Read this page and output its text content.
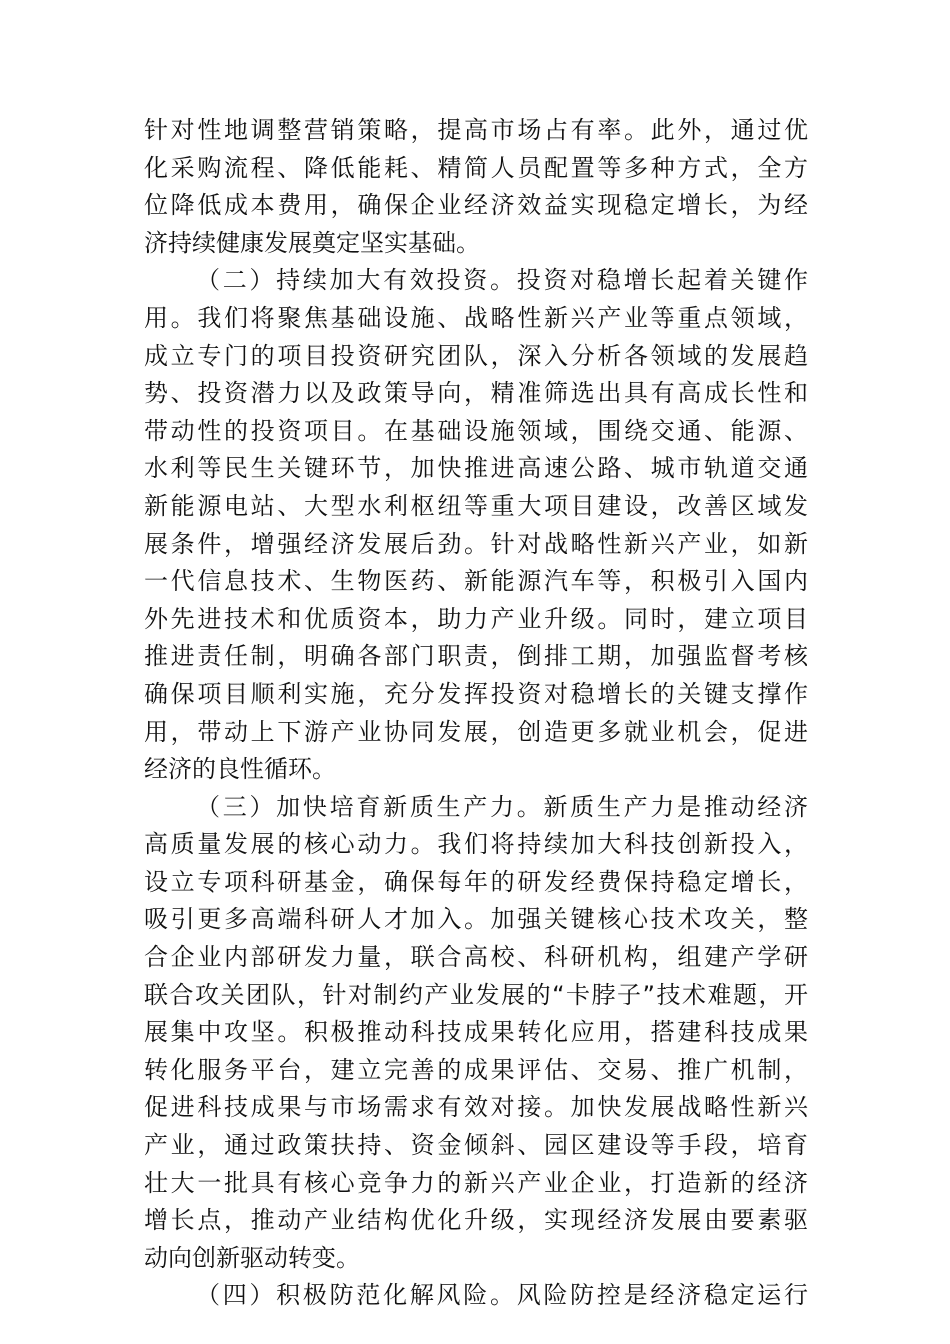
针对性地调整营销策略，提高市场占有率。此外，通过优
化采购流程、降低能耗、精简人员配置等多种方式，全方
位降低成本费用，确保企业经济效益实现稳定增长，为经
济持续健康发展奠定坚实基础。
（二）持续加大有效投资。投资对稳增长起着关键作
用。我们将聚焦基础设施、战略性新兴产业等重点领域，
成立专门的项目投资研究团队，深入分析各领域的发展趋
势、投资潜力以及政策导向，精准筛选出具有高成长性和
带动性的投资项目。在基础设施领域，围绕交通、能源、
水利等民生关键环节，加快推进高速公路、城市轨道交通
新能源电站、大型水利枢纽等重大项目建设，改善区域发
展条件，增强经济发展后劲。针对战略性新兴产业，如新
一代信息技术、生物医药、新能源汽车等，积极引入国内
外先进技术和优质资本，助力产业升级。同时，建立项目
推进责任制，明确各部门职责，倒排工期，加强监督考核
确保项目顺利实施，充分发挥投资对稳增长的关键支撑作
用，带动上下游产业协同发展，创造更多就业机会，促进
经济的良性循环。
（三）加快培育新质生产力。新质生产力是推动经济
高质量发展的核心动力。我们将持续加大科技创新投入，
设立专项科研基金，确保每年的研发经费保持稳定增长，
吸引更多高端科研人才加入。加强关键核心技术攻关，整
合企业内部研发力量，联合高校、科研机构，组建产学研
联合攻关团队，针对制约产业发展的“卡脖子”技术难题，开
展集中攻坚。积极推动科技成果转化应用，搭建科技成果
转化服务平台，建立完善的成果评估、交易、推广机制，
促进科技成果与市场需求有效对接。加快发展战略性新兴
产业，通过政策扶持、资金倾斜、园区建设等手段，培育
壮大一批具有核心竞争力的新兴产业企业，打造新的经济
增长点，推动产业结构优化升级，实现经济发展由要素驱
动向创新驱动转变。
（四）积极防范化解风险。风险防控是经济稳定运行
